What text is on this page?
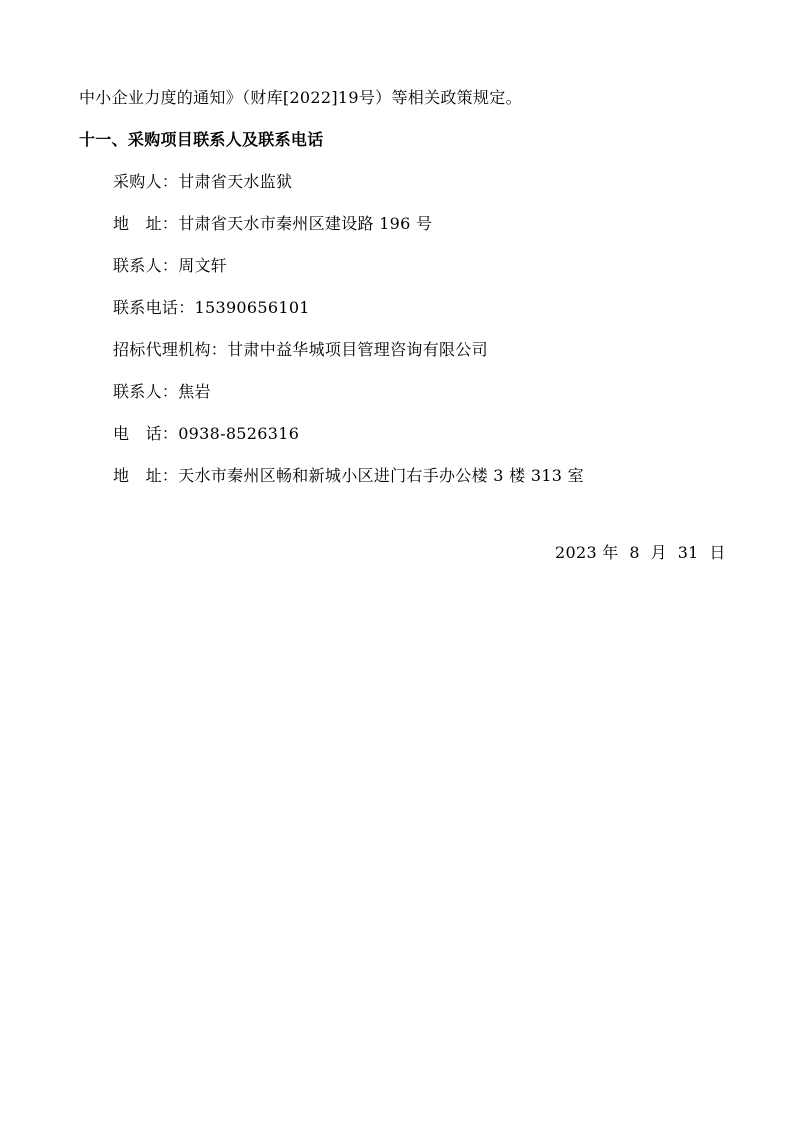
中小企业力度的通知》（财库[2022]19号）等相关政策规定。
十一、采购项目联系人及联系电话
采购人：甘肃省天水监狱
地　址：甘肃省天水市秦州区建设路 196 号
联系人：周文轩
联系电话：15390656101
招标代理机构：甘肃中益华城项目管理咨询有限公司
联系人：焦岩
电　话：0938-8526316
地　址：天水市秦州区畅和新城小区进门右手办公楼 3 楼 313 室
2023 年  8  月  31  日
